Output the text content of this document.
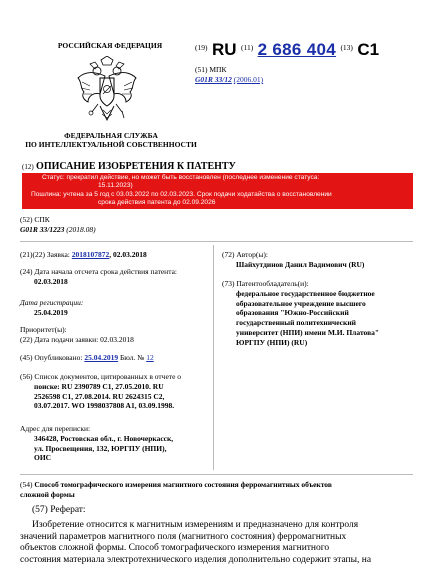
РОССИЙСКАЯ ФЕДЕРАЦИЯ
ФЕДЕРАЛЬНАЯ СЛУЖБА
ПО ИНТЕЛЛЕКТУАЛЬНОЙ СОБСТВЕННОСТИ
$^{(19)}$ RU $^{(11)}$ 2 686 404 $^{(13)}$ C1
(51) МПК
G01R 33/12 (2006.01)
(12) ОПИСАНИЕ ИЗОБРЕТЕНИЯ К ПАТЕНТУ
Статус: прекратил действие, но может быть восстановлен (последнее изменение статуса:
15.11.2023)
Пошлина: учтена за 5 год с 03.03.2022 по 02.03.2023. Срок подачи ходатайства о восстановлении
срока действия патента до 02.09.2026
(52) СПК
G01R 33/1223 (2018.08)
(21)(22) Заявка: 2018107872, 02.03.2018
(24) Дата начала отсчета срока действия патента:
02.03.2018
Дата регистрации:
25.04.2019
Приоритет(ы):
(22) Дата подачи заявки: 02.03.2018
(45) Опубликовано: 25.04.2019 Бюл. № 12
(56) Список документов, цитированных в отчете о
поиске: RU 2390789 C1, 27.05.2010. RU
2526598 C1, 27.08.2014. RU 2624315 C2,
03.07.2017. WO 1998037808 A1, 03.09.1998.
Адрес для переписки:
346428, Ростовская обл., г. Новочеркасск,
ул. Просвещения, 132, ЮРГПУ (НПИ),
ОИС
(72) Автор(ы):
Шайхутдинов Данил Вадимович (RU)
(73) Патентообладатель(и):
федеральное государственное бюджетное
образовательное учреждение высшего
образования "Южно-Российский
государственный политехнический
университет (НПИ) имени М.И. Платова"
ЮРГПУ (НПИ) (RU)
(54) Способ томографического измерения магнитного состояния ферромагнитных объектов
сложной формы
(57) Реферат:
Изобретение относится к магнитным измерениям и предназначено для контроля
значений параметров магнитного поля (магнитного состояния) ферромагнитных
объектов сложной формы. Способ томографического измерения магнитного
состояния материала электротехнического изделия дополнительно содержит этапы, на
